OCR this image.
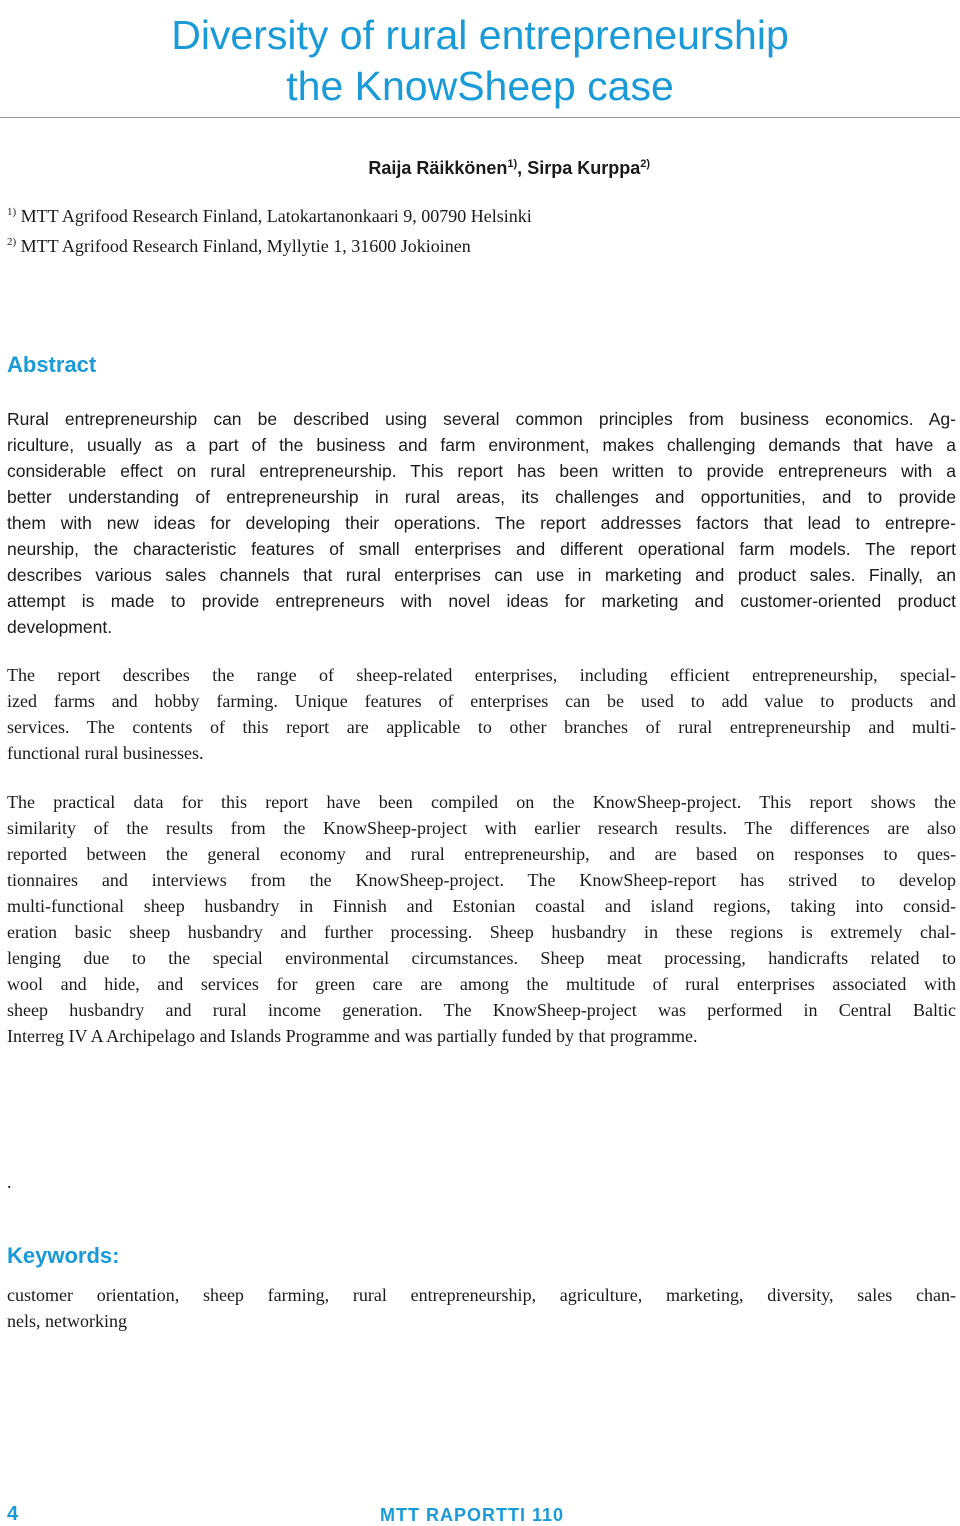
Diversity of rural entrepreneurship
the KnowSheep case
Raija Räikkönen$^{1)}$, Sirpa Kurppa$^{2)}$
$^{1)}$ MTT Agrifood Research Finland, Latokartanonkaari 9, 00790 Helsinki
$^{2)}$ MTT Agrifood Research Finland, Myllytie 1, 31600 Jokioinen
Abstract

Rural entrepreneurship can be described using several common principles from business economics. Ag-
riculture, usually as a part of the business and farm environment, makes challenging demands that have a
considerable effect on rural entrepreneurship. This report has been written to provide entrepreneurs with a
better understanding of entrepreneurship in rural areas, its challenges and opportunities, and to provide
them with new ideas for developing their operations. The report addresses factors that lead to entrepre-
neurship, the characteristic features of small enterprises and different operational farm models. The report
describes various sales channels that rural enterprises can use in marketing and product sales. Finally, an
attempt is made to provide entrepreneurs with novel ideas for marketing and customer-oriented product
development.

The report describes the range of sheep-related enterprises, including efficient entrepreneurship, special-
ized farms and hobby farming. Unique features of enterprises can be used to add value to products and
services. The contents of this report are applicable to other branches of rural entrepreneurship and multi-
functional rural businesses.

The practical data for this report have been compiled on the KnowSheep-project. This report shows the
similarity of the results from the KnowSheep-project with earlier research results. The differences are also
reported between the general economy and rural entrepreneurship, and are based on responses to ques-
tionnaires and interviews from the KnowSheep-project. The KnowSheep-report has strived to develop
multi-functional sheep husbandry in Finnish and Estonian coastal and island regions, taking into consid-
eration basic sheep husbandry and further processing. Sheep husbandry in these regions is extremely chal-
lenging due to the special environmental circumstances. Sheep meat processing, handicrafts related to
wool and hide, and services for green care are among the multitude of rural enterprises associated with
sheep husbandry and rural income generation. The KnowSheep-project was performed in Central Baltic
Interreg IV A Archipelago and Islands Programme and was partially funded by that programme.

.
Keywords:

customer orientation, sheep farming, rural entrepreneurship, agriculture, marketing, diversity, sales chan-
nels, networking

4	MTT RAPORTTI 110
